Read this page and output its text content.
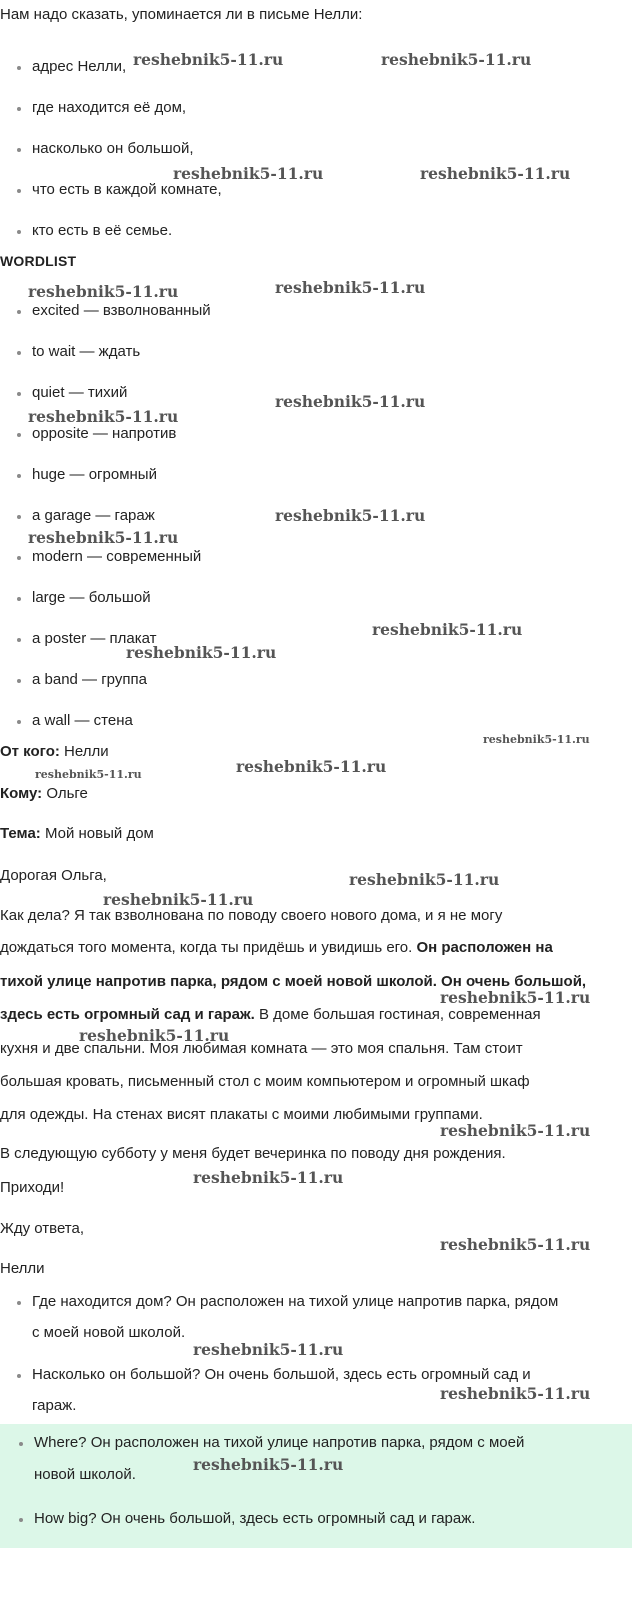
Нам надо сказать, упоминается ли в письме Нелли:
адрес Нелли,
где находится её дом,
насколько он большой,
что есть в каждой комнате,
кто есть в её семье.
WORDLIST
excited — взволнованный
to wait — ждать
quiet — тихий
opposite — напротив
huge — огромный
a garage — гараж
modern — современный
large — большой
a poster — плакат
a band — группа
a wall — стена
От кого: Нелли
Кому: Ольге
Тема: Мой новый дом
Дорогая Ольга,
Как дела? Я так взволнована по поводу своего нового дома, и я не могу
дождаться того момента, когда ты придёшь и увидишь его. Он расположен на
тихой улице напротив парка, рядом с моей новой школой. Он очень большой,
здесь есть огромный сад и гараж. В доме большая гостиная, современная
кухня и две спальни. Моя любимая комната — это моя спальня. Там стоит
большая кровать, письменный стол с моим компьютером и огромный шкаф
для одежды. На стенах висят плакаты с моими любимыми группами.
В следующую субботу у меня будет вечеринка по поводу дня рождения.
Приходи!
Жду ответа,
Нелли
Где находится дом? Он расположен на тихой улице напротив парка, рядом
с моей новой школой.
Насколько он большой? Он очень большой, здесь есть огромный сад и
гараж.
Where? Он расположен на тихой улице напротив парка, рядом с моей
новой школой.
How big? Он очень большой, здесь есть огромный сад и гараж.
reshebnik5-11.ru	reshebnik5-11.ru
reshebnik5-11.ru	reshebnik5-11.ru
reshebnik5-11.ru	reshebnik5-11.ru
reshebnik5-11.ru
reshebnik5-11.ru
reshebnik5-11.ru
reshebnik5-11.ru
reshebnik5-11.ru
reshebnik5-11.ru
reshebnik5-11.ru
reshebnik5-11.ru	reshebnik5-11.ru
reshebnik5-11.ru
reshebnik5-11.ru
reshebnik5-11.ru
reshebnik5-11.ru
reshebnik5-11.ru
reshebnik5-11.ru
reshebnik5-11.ru
reshebnik5-11.ru
reshebnik5-11.ru
reshebnik5-11.ru
